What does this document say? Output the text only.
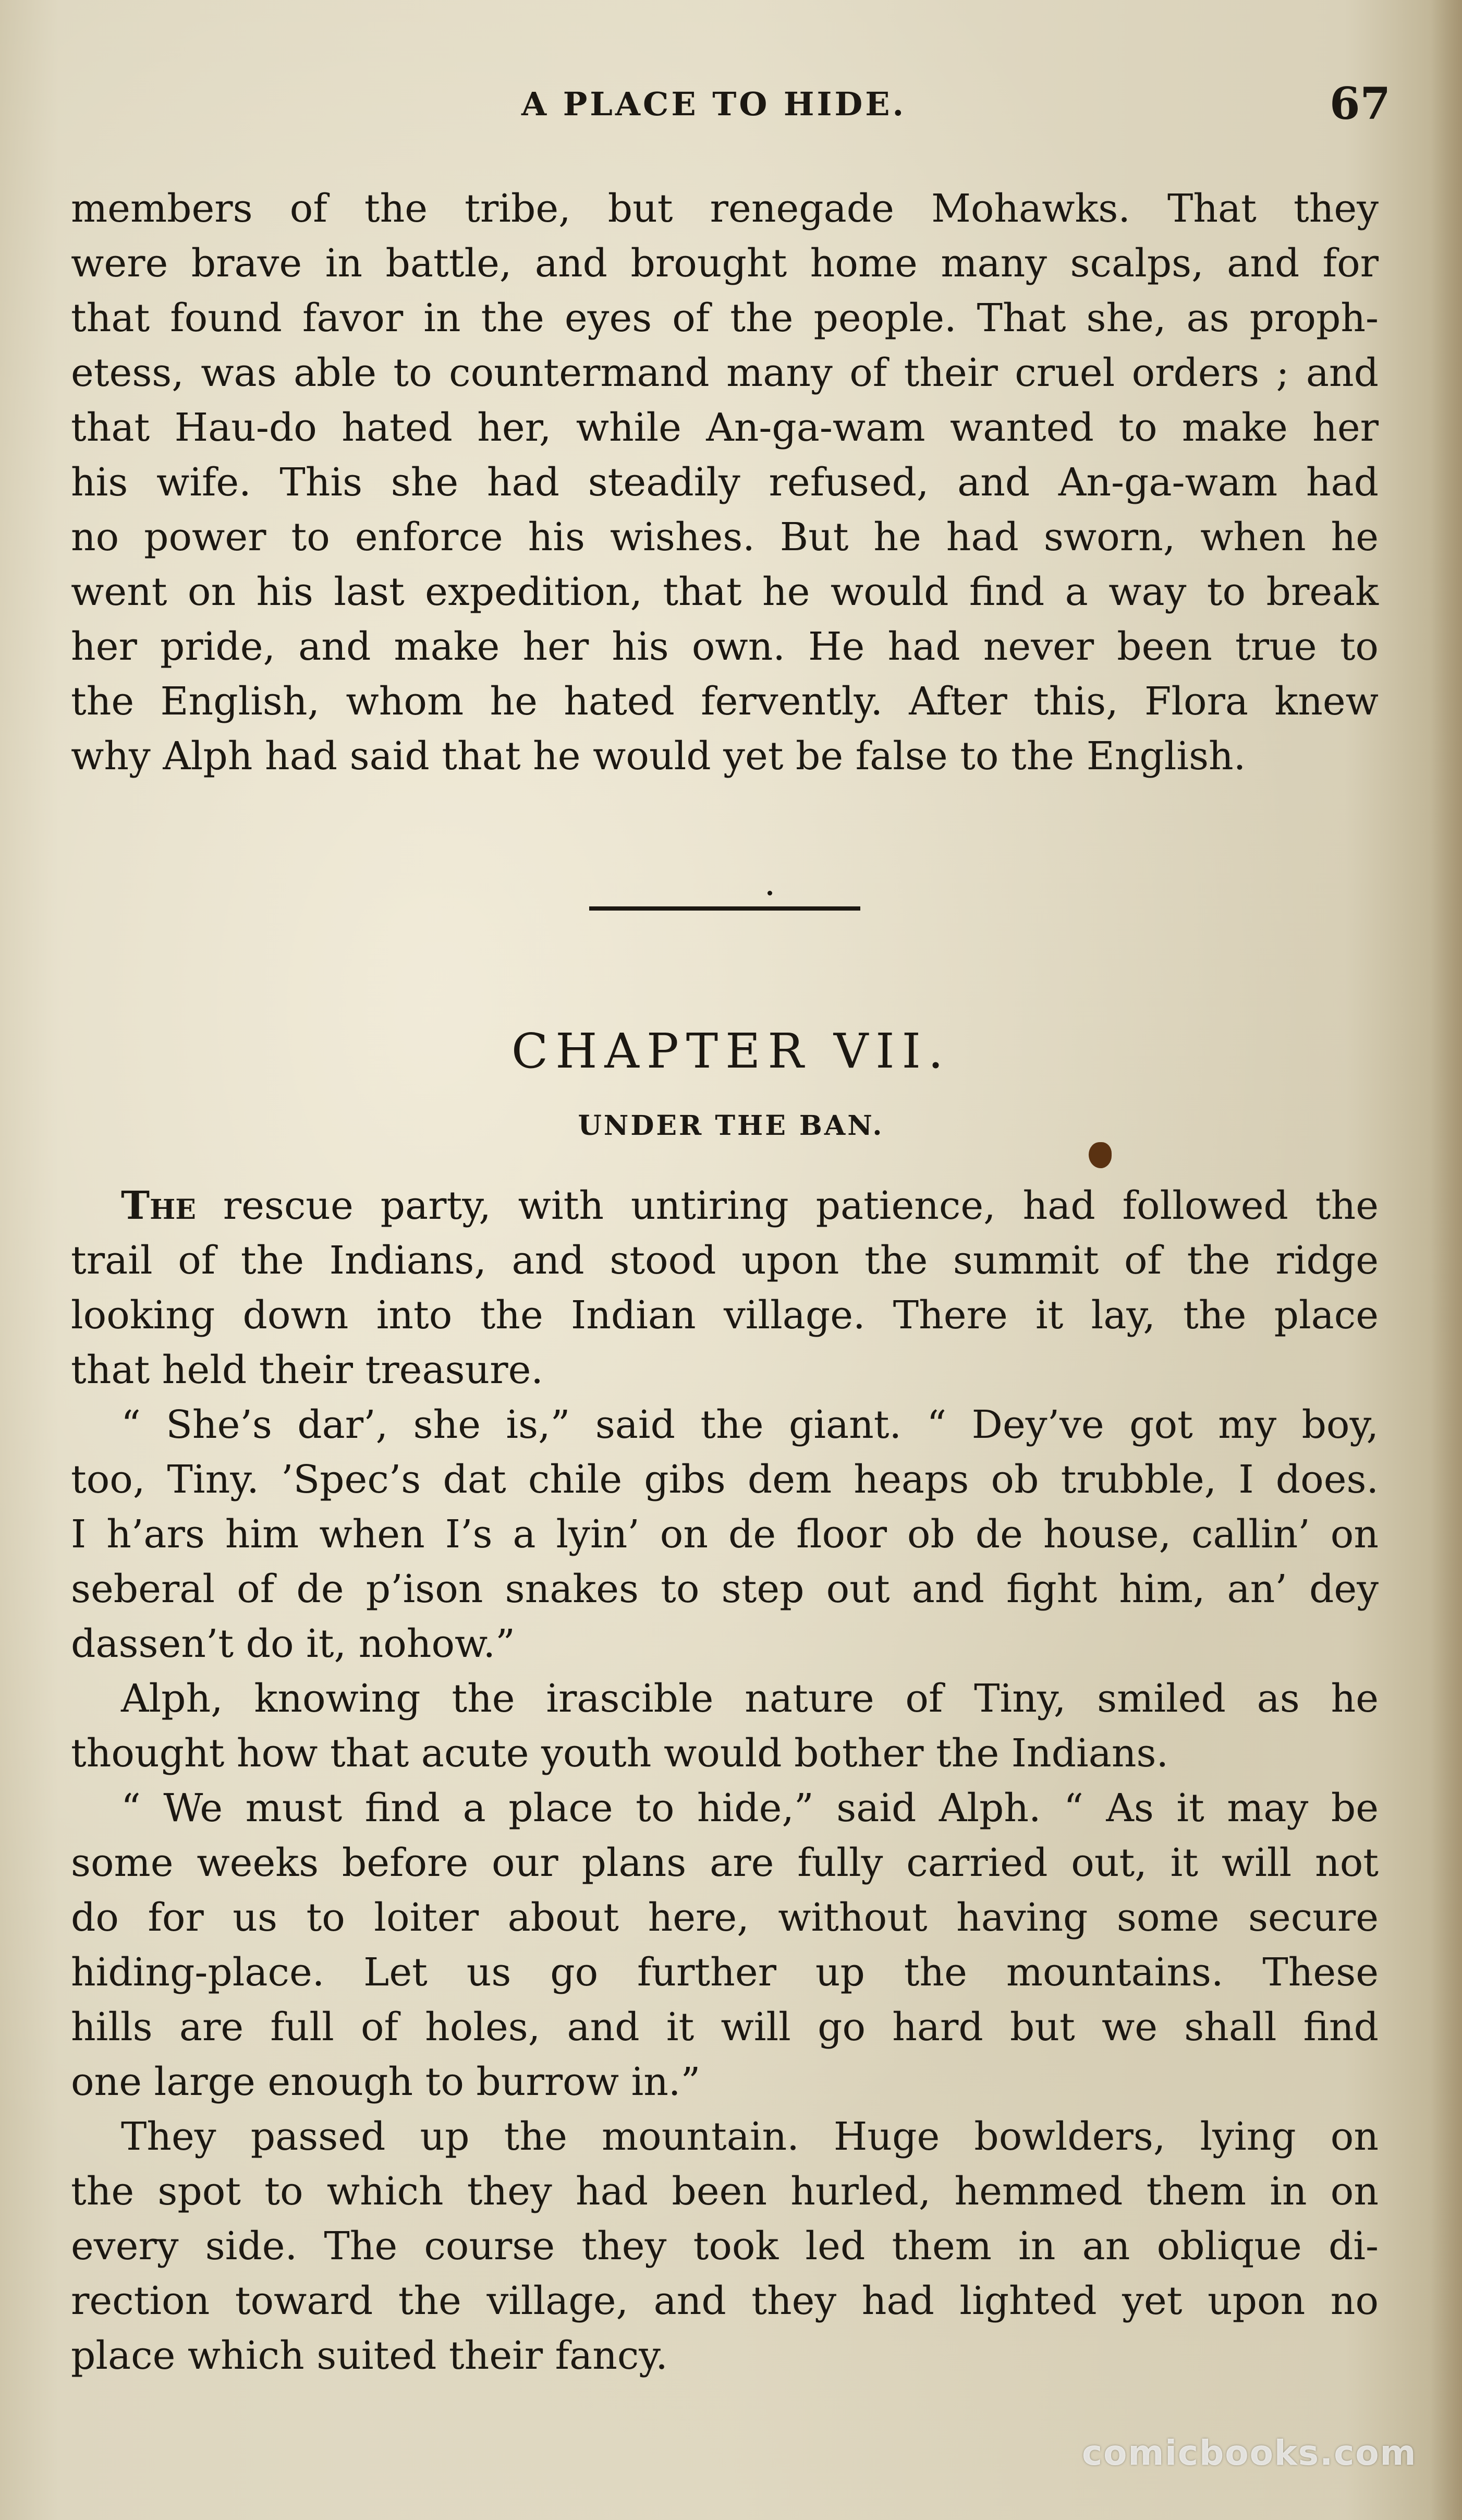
A PLACE TO HIDE.	67
members of the tribe, but renegade Mohawks. That they
were brave in battle, and brought home many scalps, and for
that found favor in the eyes of the people. That she, as proph-
etess, was able to countermand many of their cruel orders ; and
that Hau-do hated her, while An-ga-wam wanted to make her
his wife. This she had steadily refused, and An-ga-wam had
no power to enforce his wishes. But he had sworn, when he
went on his last expedition, that he would find a way to break
her pride, and make her his own. He had never been true to
the English, whom he hated fervently. After this, Flora knew
why Alph had said that he would yet be false to the English.
CHAPTER VII.
UNDER THE BAN.
The rescue party, with untiring patience, had followed the
trail of the Indians, and stood upon the summit of the ridge
looking down into the Indian village. There it lay, the place
that held their treasure.
“ She’s dar’, she is,” said the giant. “ Dey’ve got my boy,
too, Tiny. ’Spec’s dat chile gibs dem heaps ob trubble, I does.
I h’ars him when I’s a lyin’ on de floor ob de house, callin’ on
seberal of de p’ison snakes to step out and fight him, an’ dey
dassen’t do it, nohow.”
Alph, knowing the irascible nature of Tiny, smiled as he
thought how that acute youth would bother the Indians.
“ We must find a place to hide,” said Alph. “ As it may be
some weeks before our plans are fully carried out, it will not
do for us to loiter about here, without having some secure
hiding-place. Let us go further up the mountains. These
hills are full of holes, and it will go hard but we shall find
one large enough to burrow in.”
They passed up the mountain. Huge bowlders, lying on
the spot to which they had been hurled, hemmed them in on
every side. The course they took led them in an oblique di-
rection toward the village, and they had lighted yet upon no
place which suited their fancy.
comicbooks.com
